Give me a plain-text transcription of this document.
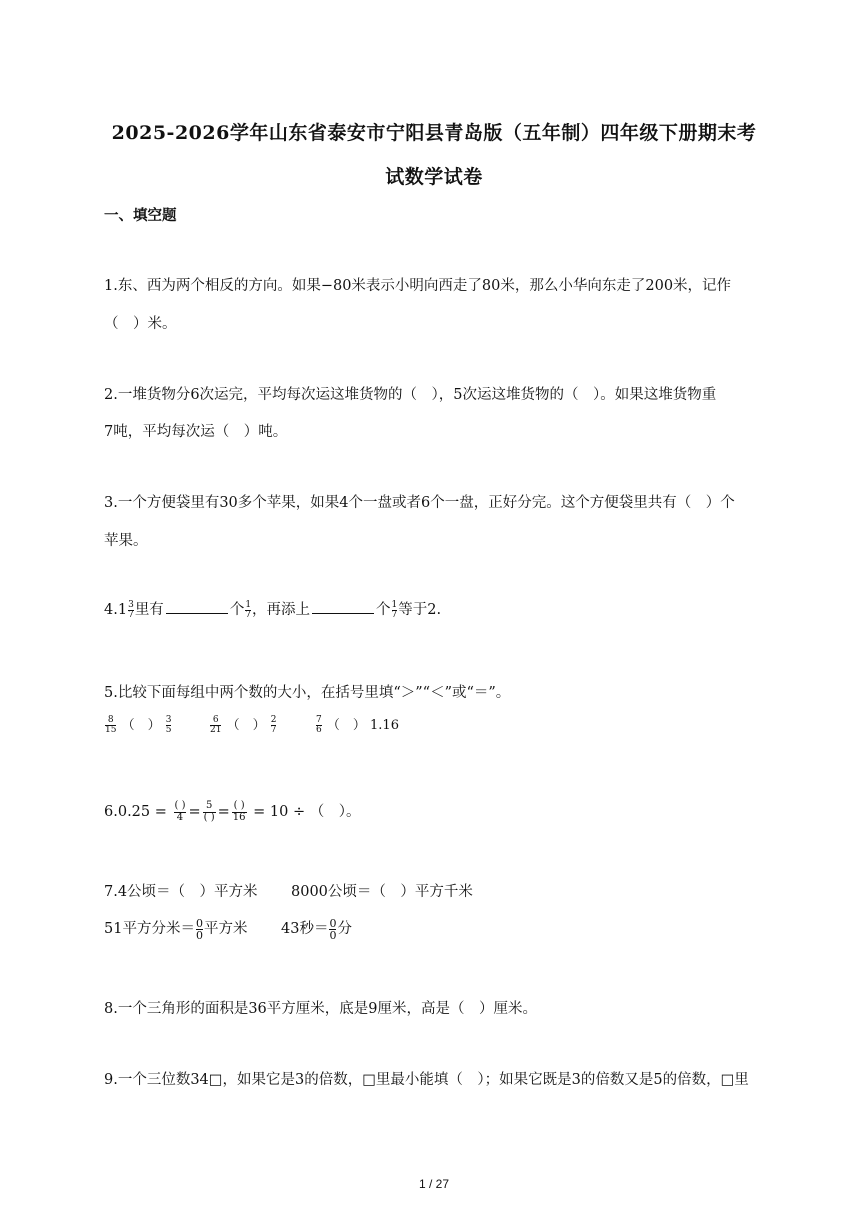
2025-2026学年山东省泰安市宁阳县青岛版（五年制）四年级下册期末考
试数学试卷
一、填空题
1.东、西为两个相反的方向。如果−80米表示小明向西走了80米，那么小华向东走了200米，记作
（　）米。
2.一堆货物分6次运完，平均每次运这堆货物的（　），5次运这堆货物的（　）。如果这堆货物重
7吨，平均每次运（　）吨。
3.一个方便袋里有30多个苹果，如果4个一盘或者6个一盘，正好分完。这个方便袋里共有（　）个
苹果。
$4.1 \frac{3}{7}$ 里有	个 $\frac{1}{7}$ ，再添上	个 $\frac{1}{7}$ 等于2.
5.比较下面每组中两个数的大小，在括号里填“＞”“＜”或“＝”。
$\frac{8}{15}$ （　） $\frac{3}{5}$	$\frac{6}{21}$ （　） $\frac{2}{7}$	$\frac{7}{6}$ （　） 1.16
$6.0.25 = \frac{( )}{4} = \frac{5}{( )} = \frac{( )}{16} = 10$ ÷ （　）。
7.4公顷＝（　）平方米 8000公顷＝（　）平方千米
51平方分米＝ $\frac{0}{0}$ 平方米 43秒＝ $\frac{0}{0}$ 分
8.一个三角形的面积是36平方厘米，底是9厘米，高是（　）厘米。
9.一个三位数34□，如果它是3的倍数，□里最小能填（　）；如果它既是3的倍数又是5的倍数，□里
1 / 27
